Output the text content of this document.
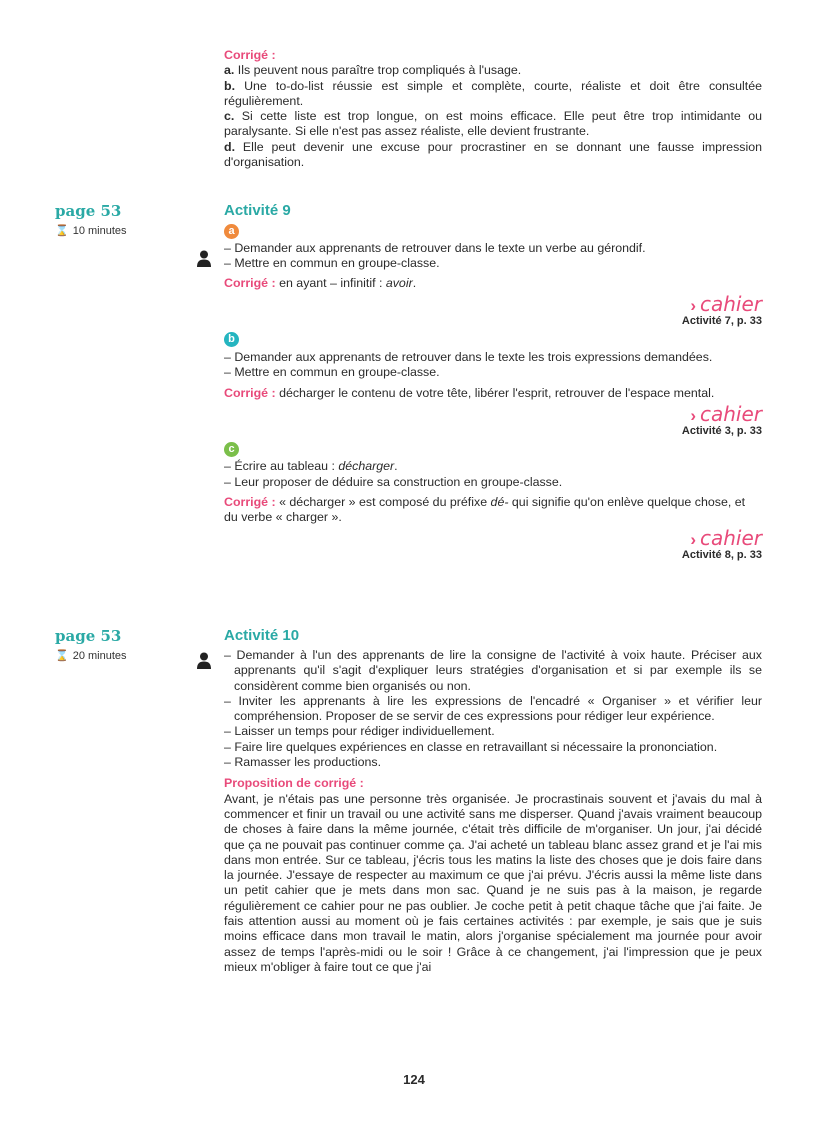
Corrigé :

a. Ils peuvent nous paraître trop compliqués à l'usage.

b. Une to-do-list réussie est simple et complète, courte, réaliste et doit être consultée régulièrement.

c. Si cette liste est trop longue, on est moins efficace. Elle peut être trop intimidante ou paralysante. Si elle n'est pas assez réaliste, elle devient frustrante.

d. Elle peut devenir une excuse pour procrastiner en se donnant une fausse impression d'organisation.

page 53
⌛ 10 minutes
Activité 9
a

– Demander aux apprenants de retrouver dans le texte un verbe au gérondif.

– Mettre en commun en groupe-classe.

Corrigé : en ayant – infinitif : avoir.

› cahier
Activité 7, p. 33
b

– Demander aux apprenants de retrouver dans le texte les trois expressions demandées.

– Mettre en commun en groupe-classe.

Corrigé : décharger le contenu de votre tête, libérer l'esprit, retrouver de l'espace mental.

› cahier
Activité 3, p. 33
c

– Écrire au tableau : décharger.

– Leur proposer de déduire sa construction en groupe-classe.

Corrigé : « décharger » est composé du préfixe dé- qui signifie qu'on enlève quelque chose, et du verbe « charger ».

› cahier
Activité 8, p. 33
page 53
⌛ 20 minutes
Activité 10

– Demander à l'un des apprenants de lire la consigne de l'activité à voix haute. Préciser aux apprenants qu'il s'agit d'expliquer leurs stratégies d'organisation et si par exemple ils se considèrent comme bien organisés ou non.

– Inviter les apprenants à lire les expressions de l'encadré « Organiser » et vérifier leur compréhension. Proposer de se servir de ces expressions pour rédiger leur expérience.

– Laisser un temps pour rédiger individuellement.

– Faire lire quelques expériences en classe en retravaillant si nécessaire la prononciation.

– Ramasser les productions.

Proposition de corrigé :

Avant, je n'étais pas une personne très organisée. Je procrastinais souvent et j'avais du mal à commencer et finir un travail ou une activité sans me disperser. Quand j'avais vraiment beaucoup de choses à faire dans la même journée, c'était très difficile de m'organiser. Un jour, j'ai décidé que ça ne pouvait pas continuer comme ça. J'ai acheté un tableau blanc assez grand et je l'ai mis dans mon entrée. Sur ce tableau, j'écris tous les matins la liste des choses que je dois faire dans la journée. J'essaye de respecter au maximum ce que j'ai prévu. J'écris aussi la même liste dans un petit cahier que je mets dans mon sac. Quand je ne suis pas à la maison, je regarde régulièrement ce cahier pour ne pas oublier. Je coche petit à petit chaque tâche que j'ai faite. Je fais attention aussi au moment où je fais certaines activités : par exemple, je sais que je suis moins efficace dans mon travail le matin, alors j'organise spécialement ma journée pour avoir assez de temps l'après-midi ou le soir ! Grâce à ce changement, j'ai l'impression que je peux mieux m'obliger à faire tout ce que j'ai

124
